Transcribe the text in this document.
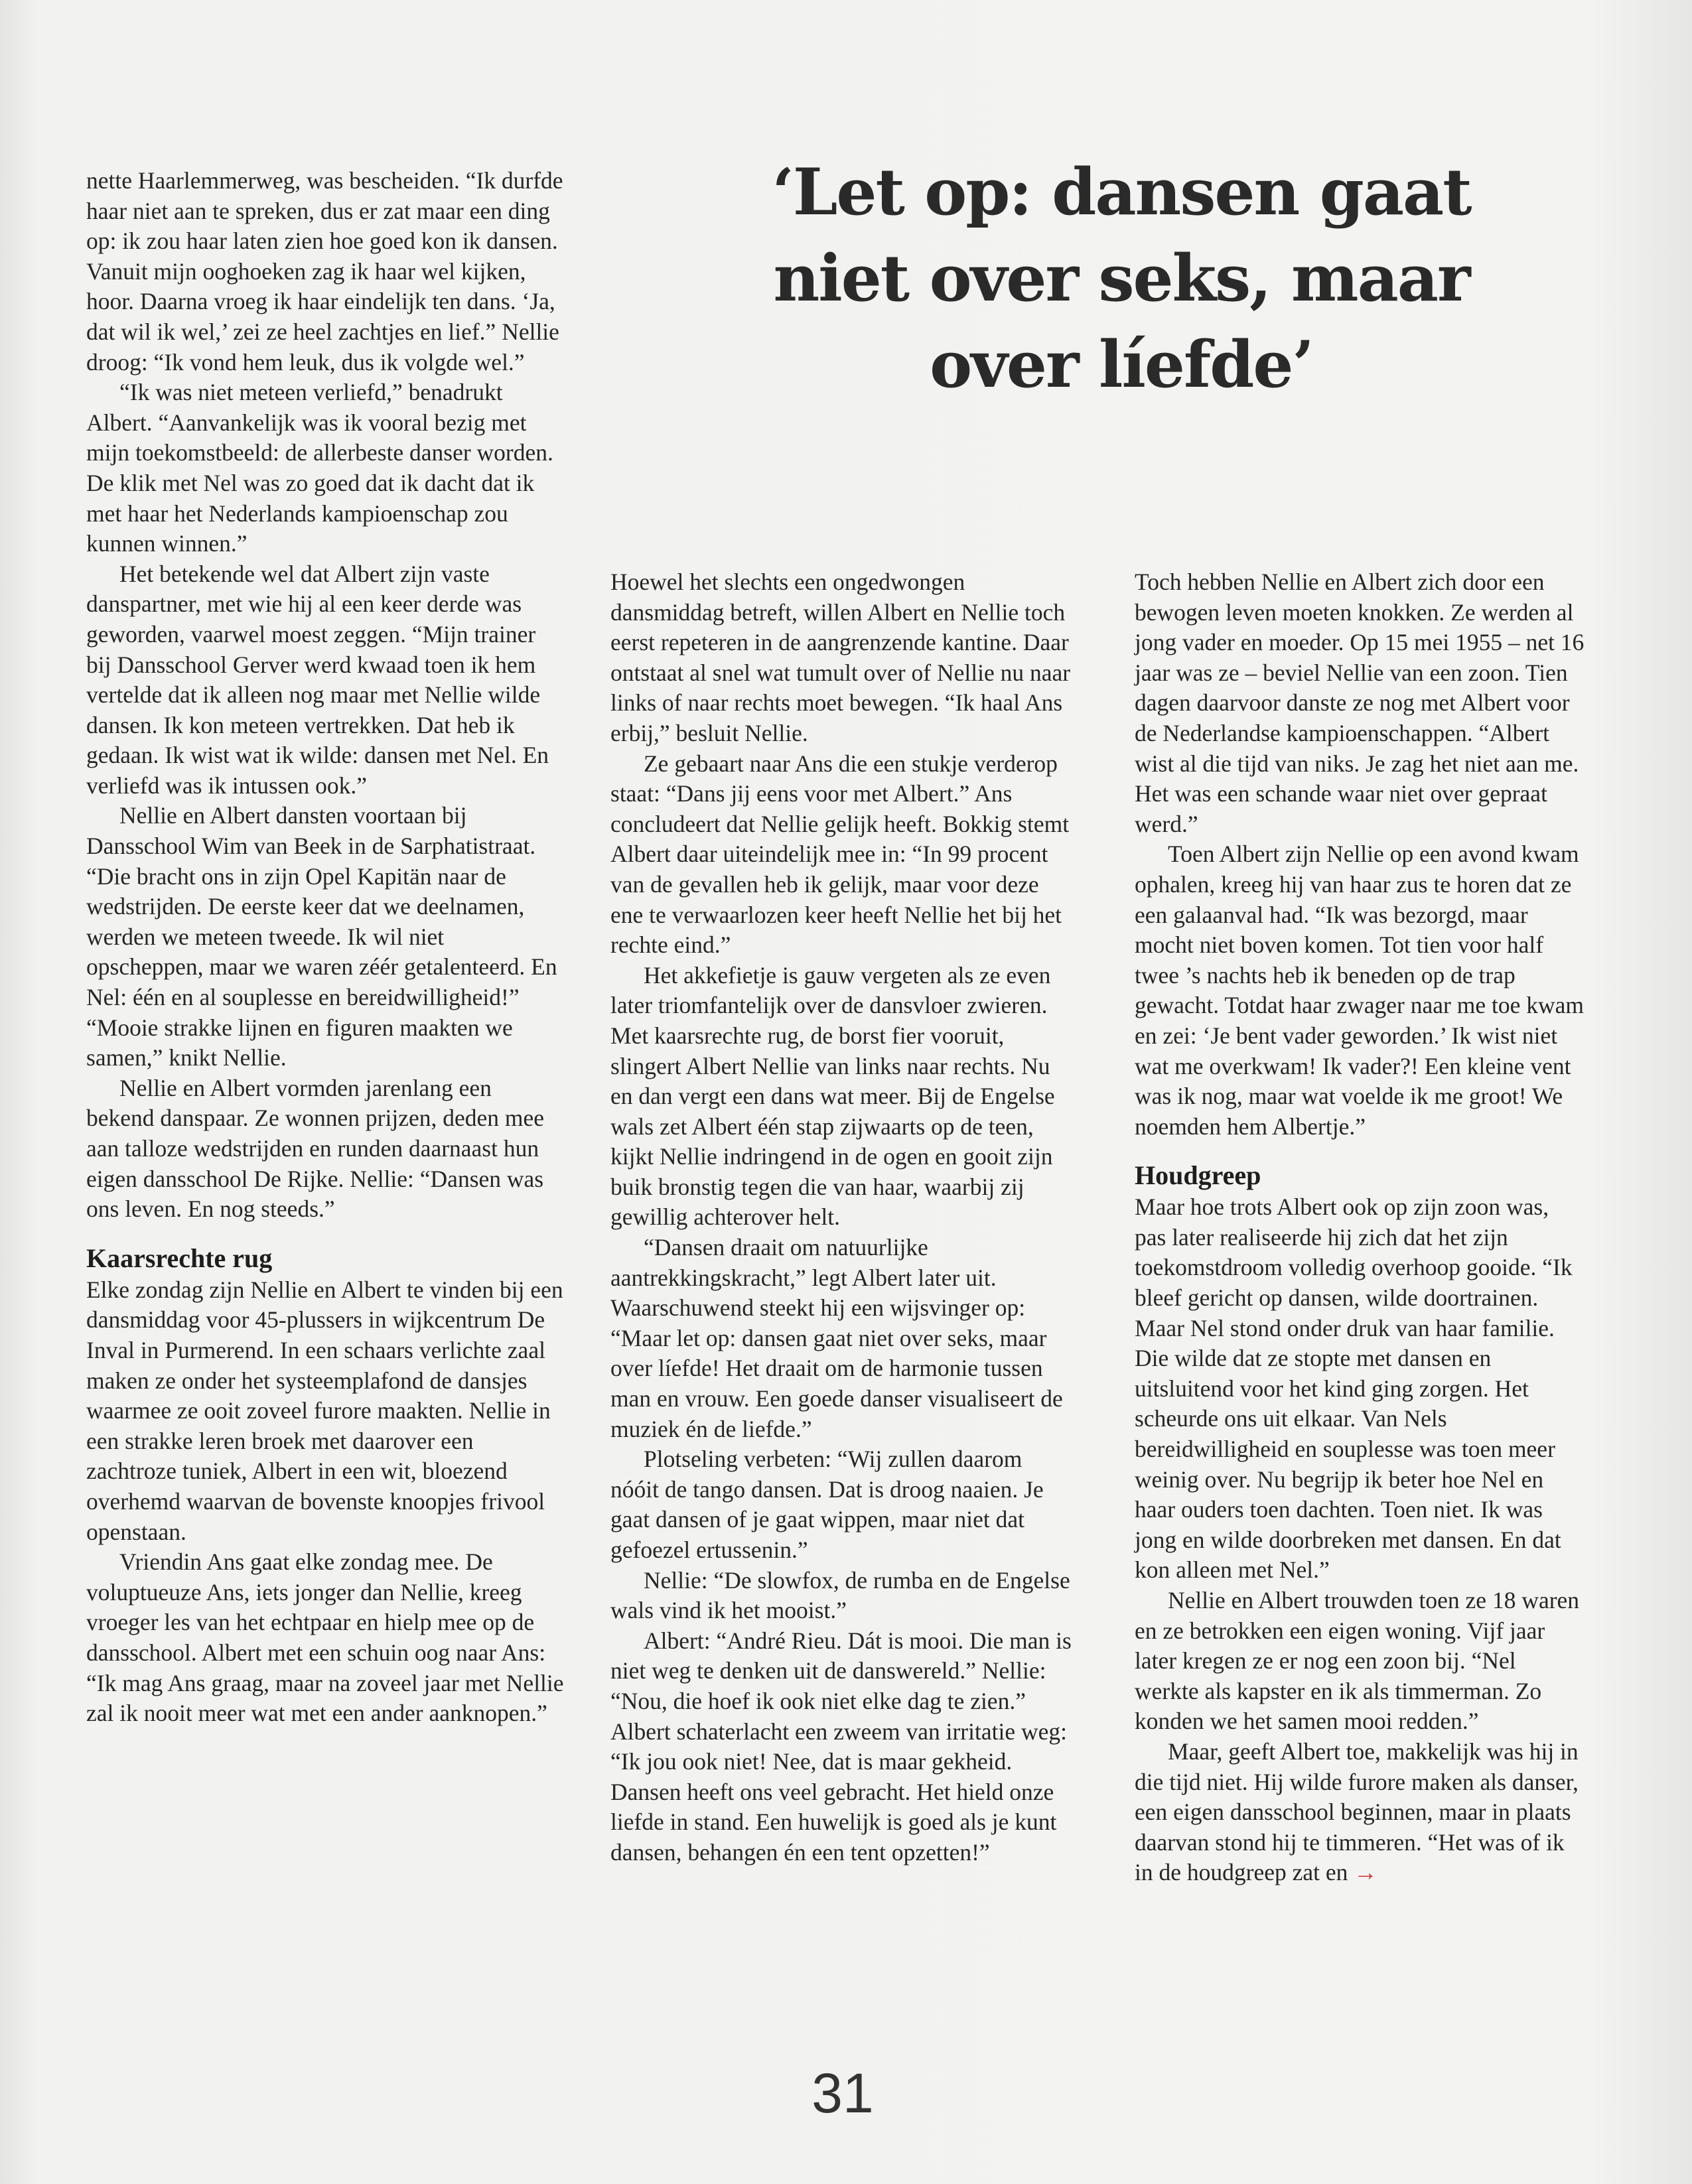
‘Let op: dansen gaat niet over seks, maar over líefde’

nette Haarlemmerweg, was bescheiden. “Ik durfde haar niet aan te spreken, dus er zat maar een ding op: ik zou haar laten zien hoe goed kon ik dansen. Vanuit mijn ooghoeken zag ik haar wel kijken, hoor. Daarna vroeg ik haar eindelijk ten dans. ‘Ja, dat wil ik wel,’ zei ze heel zachtjes en lief.” Nellie droog: “Ik vond hem leuk, dus ik volgde wel.”

“Ik was niet meteen verliefd,” benadrukt Albert. “Aanvankelijk was ik vooral bezig met mijn toekomstbeeld: de allerbeste danser worden. De klik met Nel was zo goed dat ik dacht dat ik met haar het Nederlands kampioenschap zou kunnen winnen.”

Het betekende wel dat Albert zijn vaste danspartner, met wie hij al een keer derde was geworden, vaarwel moest zeggen. “Mijn trainer bij Dansschool Gerver werd kwaad toen ik hem vertelde dat ik alleen nog maar met Nellie wilde dansen. Ik kon meteen vertrekken. Dat heb ik gedaan. Ik wist wat ik wilde: dansen met Nel. En verliefd was ik intussen ook.”

Nellie en Albert dansten voortaan bij Dansschool Wim van Beek in de Sarphatistraat. “Die bracht ons in zijn Opel Kapitän naar de wedstrijden. De eerste keer dat we deelnamen, werden we meteen tweede. Ik wil niet opscheppen, maar we waren zéér getalenteerd. En Nel: één en al souplesse en bereidwilligheid!” “Mooie strakke lijnen en figuren maakten we samen,” knikt Nellie.

Nellie en Albert vormden jarenlang een bekend danspaar. Ze wonnen prijzen, deden mee aan talloze wedstrijden en runden daarnaast hun eigen dansschool De Rijke. Nellie: “Dansen was ons leven. En nog steeds.”

Kaarsrechte rug

Elke zondag zijn Nellie en Albert te vinden bij een dansmiddag voor 45-plussers in wijkcentrum De Inval in Purmerend. In een schaars verlichte zaal maken ze onder het systeemplafond de dansjes waarmee ze ooit zoveel furore maakten. Nellie in een strakke leren broek met daarover een zachtroze tuniek, Albert in een wit, bloezend overhemd waarvan de bovenste knoopjes frivool openstaan.

Vriendin Ans gaat elke zondag mee. De voluptueuze Ans, iets jonger dan Nellie, kreeg vroeger les van het echtpaar en hielp mee op de dansschool. Albert met een schuin oog naar Ans: “Ik mag Ans graag, maar na zoveel jaar met Nellie zal ik nooit meer wat met een ander aanknopen.”

Hoewel het slechts een ongedwongen dansmiddag betreft, willen Albert en Nellie toch eerst repeteren in de aangrenzende kantine. Daar ontstaat al snel wat tumult over of Nellie nu naar links of naar rechts moet bewegen. “Ik haal Ans erbij,” besluit Nellie.

Ze gebaart naar Ans die een stukje verderop staat: “Dans jij eens voor met Albert.” Ans concludeert dat Nellie gelijk heeft. Bokkig stemt Albert daar uiteindelijk mee in: “In 99 procent van de gevallen heb ik gelijk, maar voor deze ene te verwaarlozen keer heeft Nellie het bij het rechte eind.”

Het akkefietje is gauw vergeten als ze even later triomfantelijk over de dansvloer zwieren. Met kaarsrechte rug, de borst fier vooruit, slingert Albert Nellie van links naar rechts. Nu en dan vergt een dans wat meer. Bij de Engelse wals zet Albert één stap zijwaarts op de teen, kijkt Nellie indringend in de ogen en gooit zijn buik bronstig tegen die van haar, waarbij zij gewillig achterover helt.

“Dansen draait om natuurlijke aantrekkingskracht,” legt Albert later uit. Waarschuwend steekt hij een wijsvinger op: “Maar let op: dansen gaat niet over seks, maar over líefde! Het draait om de harmonie tussen man en vrouw. Een goede danser visualiseert de muziek én de liefde.”

Plotseling verbeten: “Wij zullen daarom nóóit de tango dansen. Dat is droog naaien. Je gaat dansen of je gaat wippen, maar niet dat gefoezel ertussenin.”

Nellie: “De slowfox, de rumba en de Engelse wals vind ik het mooist.”

Albert: “André Rieu. Dát is mooi. Die man is niet weg te denken uit de danswereld.” Nellie: “Nou, die hoef ik ook niet elke dag te zien.” Albert schaterlacht een zweem van irritatie weg: “Ik jou ook niet! Nee, dat is maar gekheid. Dansen heeft ons veel gebracht. Het hield onze liefde in stand. Een huwelijk is goed als je kunt dansen, behangen én een tent opzetten!”

Toch hebben Nellie en Albert zich door een bewogen leven moeten knokken. Ze werden al jong vader en moeder. Op 15 mei 1955 – net 16 jaar was ze – beviel Nellie van een zoon. Tien dagen daarvoor danste ze nog met Albert voor de Nederlandse kampioenschappen. “Albert wist al die tijd van niks. Je zag het niet aan me. Het was een schande waar niet over gepraat werd.”

Toen Albert zijn Nellie op een avond kwam ophalen, kreeg hij van haar zus te horen dat ze een galaanval had. “Ik was bezorgd, maar mocht niet boven komen. Tot tien voor half twee ’s nachts heb ik beneden op de trap gewacht. Totdat haar zwager naar me toe kwam en zei: ‘Je bent vader geworden.’ Ik wist niet wat me overkwam! Ik vader?! Een kleine vent was ik nog, maar wat voelde ik me groot! We noemden hem Albertje.”

Houdgreep

Maar hoe trots Albert ook op zijn zoon was, pas later realiseerde hij zich dat het zijn toekomstdroom volledig overhoop gooide. “Ik bleef gericht op dansen, wilde doortrainen. Maar Nel stond onder druk van haar familie. Die wilde dat ze stopte met dansen en uitsluitend voor het kind ging zorgen. Het scheurde ons uit elkaar. Van Nels bereidwilligheid en souplesse was toen meer weinig over. Nu begrijp ik beter hoe Nel en haar ouders toen dachten. Toen niet. Ik was jong en wilde doorbreken met dansen. En dat kon alleen met Nel.”

Nellie en Albert trouwden toen ze 18 waren en ze betrokken een eigen woning. Vijf jaar later kregen ze er nog een zoon bij. “Nel werkte als kapster en ik als timmerman. Zo konden we het samen mooi redden.”

Maar, geeft Albert toe, makkelijk was hij in die tijd niet. Hij wilde furore maken als danser, een eigen dansschool beginnen, maar in plaats daarvan stond hij te timmeren. “Het was of ik in de houdgreep zat en →

31
